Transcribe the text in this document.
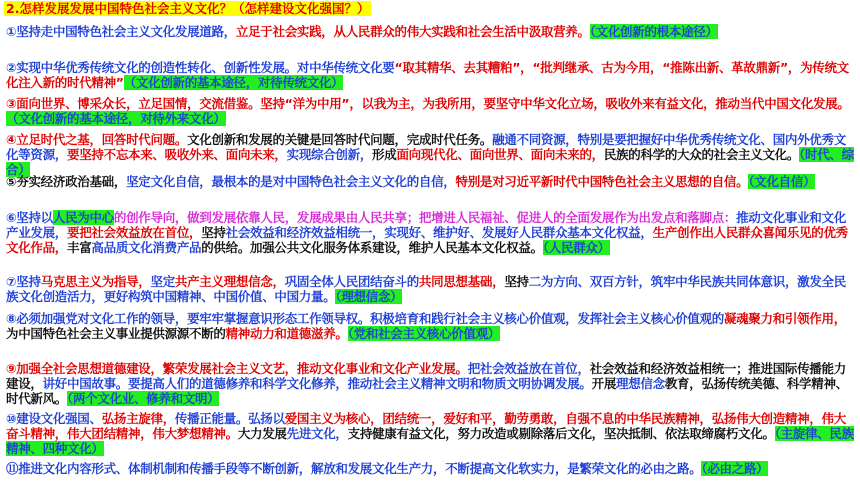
2.怎样发展发展中国特色社会主义文化？（怎样建设文化强国？）
①坚持走中国特色社会主义文化发展道路，立足于社会实践，从人民群众的伟大实践和社会生活中汲取营养。（文化创新的根本途径）
②实现中华优秀传统文化的创造性转化、创新性发展。对中华传统文化要“取其精华、去其糟粕”，“批判继承、古为今用，“推陈出新、革故鼎新”，为传统文化注入新的时代精神”（文化创新的基本途径，对待传统文化）
③面向世界、博采众长，立足国情，交流借鉴。坚持“洋为中用”，以我为主，为我所用，要坚守中华文化立场，吸收外来有益文化，推动当代中国文化发展。（文化创新的基本途径，对待外来文化）
④立足时代之基，回答时代问题。文化创新和发展的关键是回答时代问题，完成时代任务。融通不同资源，特别是要把握好中华优秀传统文化、国内外优秀文化等资源，要坚持不忘本来、吸收外来、面向未来，实现综合创新，形成面向现代化、面向世界、面向未来的，民族的科学的大众的社会主义文化。（时代、综合）
⑤夯实经济政治基础，坚定文化自信，最根本的是对中国特色社会主义文化的自信，特别是对习近平新时代中国特色社会主义思想的自信。（文化自信）
⑥坚持以人民为中心的创作导向，做到发展依靠人民，发展成果由人民共享；把增进人民福祉、促进人的全面发展作为出发点和落脚点：推动文化事业和文化产业发展，要把社会效益放在首位，坚持社会效益和经济效益相统一，实现好、维护好、发展好人民群众基本文化权益，生产创作出人民群众喜闻乐见的优秀文化作品，丰富高品质文化消费产品的供给。加强公共文化服务体系建设，维护人民基本文化权益。（人民群众）
⑦坚持马克思主义为指导，坚定共产主义理想信念，巩固全体人民团结奋斗的共同思想基础，坚持二为方向、双百方针，筑牢中华民族共同体意识，激发全民族文化创造活力，更好构筑中国精神、中国价值、中国力量。（理想信念）
⑧必须加强党对文化工作的领导，要牢牢掌握意识形态工作领导权。积极培育和践行社会主义核心价值观，发挥社会主义核心价值观的凝魂聚力和引领作用，为中国特色社会主义事业提供源源不断的精神动力和道德滋养。（党和社会主义核心价值观）
⑨加强全社会思想道德建设，繁荣发展社会主义文艺，推动文化事业和文化产业发展。把社会效益放在首位，社会效益和经济效益相统一；推进国际传播能力建设，讲好中国故事。要提高人们的道德修养和科学文化修养，推动社会主义精神文明和物质文明协调发展。开展理想信念教育，弘扬传统美德、科学精神、时代新风。（两个文化业、修养和文明）
⑩建设文化强国、弘扬主旋律，传播正能量。弘扬以爱国主义为核心，团结统一，爱好和平，勤劳勇敢，自强不息的中华民族精神，弘扬伟大创造精神，伟大奋斗精神，伟大团结精神，伟大梦想精神。大力发展先进文化，支持健康有益文化，努力改造或剔除落后文化，坚决抵制、依法取缔腐朽文化。（主旋律、民族精神、四种文化）
⑪推进文化内容形式、体制机制和传播手段等不断创新，解放和发展文化生产力，不断提高文化软实力，是繁荣文化的必由之路。（必由之路）
